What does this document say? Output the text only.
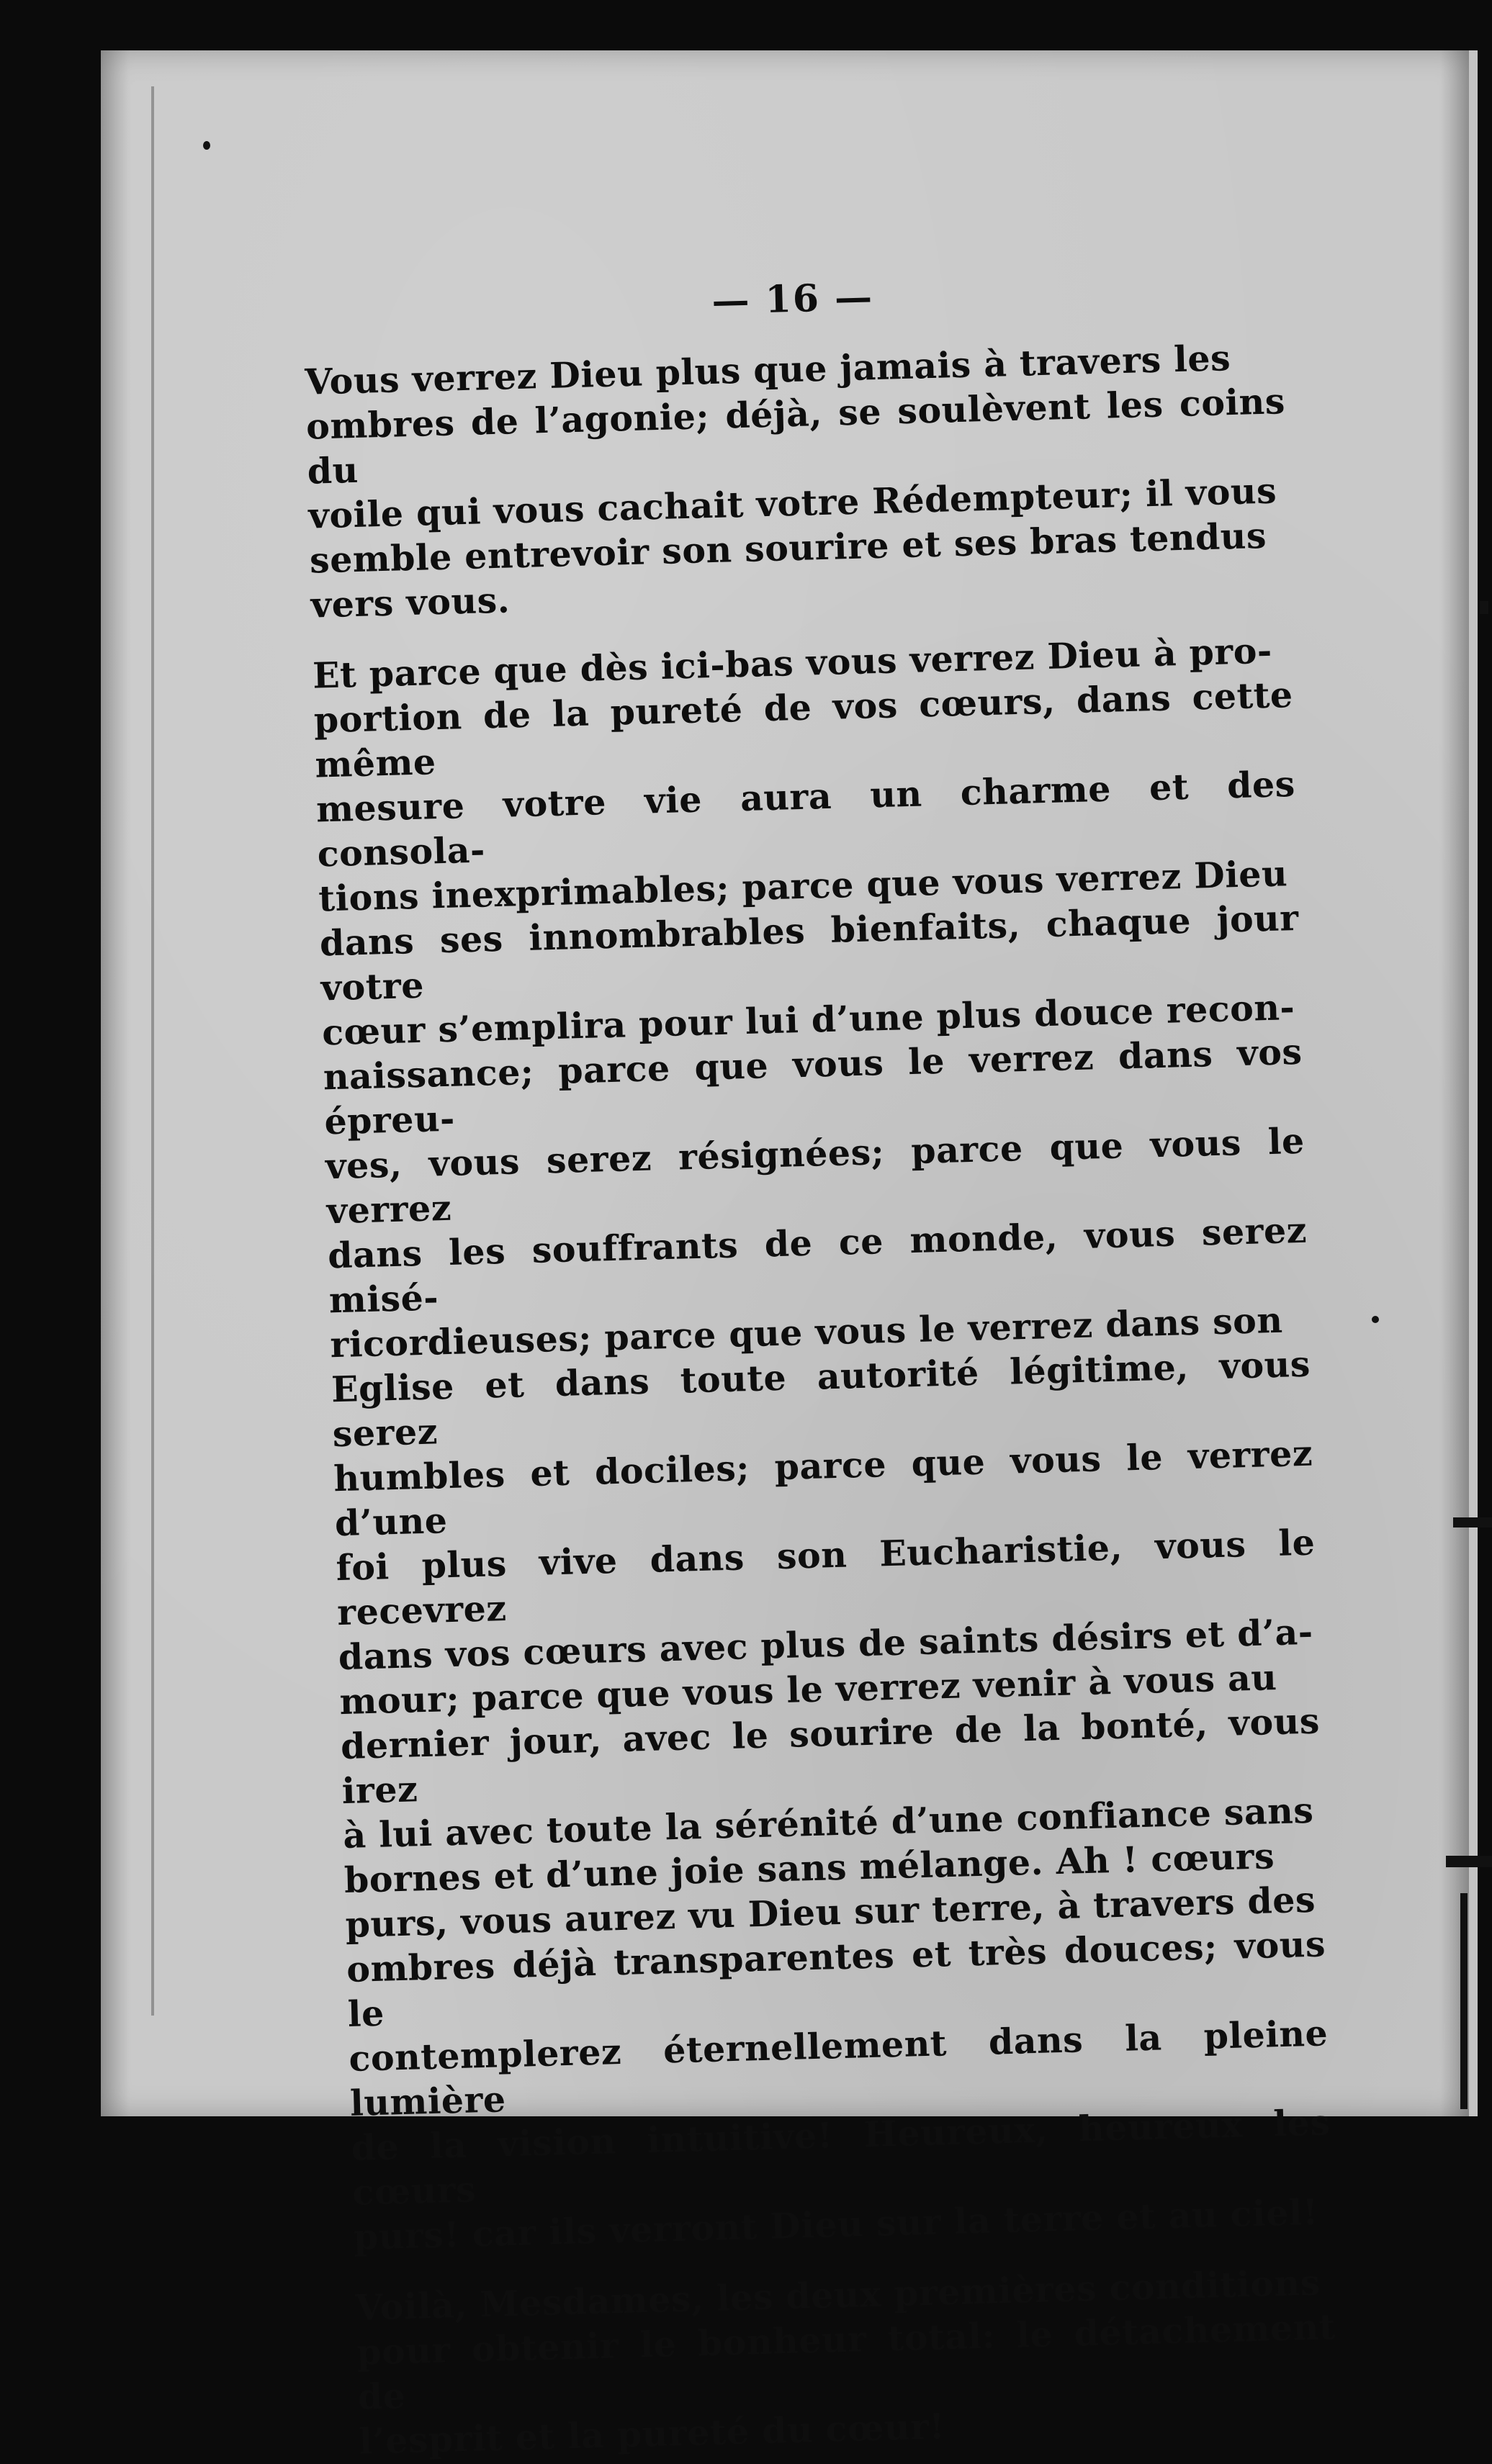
— 16 —

Vous verrez Dieu plus que jamais à travers les
ombres de l’agonie; déjà, se soulèvent les coins du
voile qui vous cachait votre Rédempteur; il vous
semble entrevoir son sourire et ses bras tendus
vers vous.

Et parce que dès ici-bas vous verrez Dieu à pro-
portion de la pureté de vos cœurs, dans cette même
mesure votre vie aura un charme et des consola-
tions inexprimables; parce que vous verrez Dieu
dans ses innombrables bienfaits, chaque jour votre
cœur s’emplira pour lui d’une plus douce recon-
naissance; parce que vous le verrez dans vos épreu-
ves, vous serez résignées; parce que vous le verrez
dans les souffrants de ce monde, vous serez misé-
ricordieuses; parce que vous le verrez dans son
Eglise et dans toute autorité légitime, vous serez
humbles et dociles; parce que vous le verrez d’une
foi plus vive dans son Eucharistie, vous le recevrez
dans vos cœurs avec plus de saints désirs et d’a-
mour; parce que vous le verrez venir à vous au
dernier jour, avec le sourire de la bonté, vous irez
à lui avec toute la sérénité d’une confiance sans
bornes et d’une joie sans mélange. Ah ! cœurs
purs, vous aurez vu Dieu sur terre, à travers des
ombres déjà transparentes et très douces; vous le
contemplerez éternellement dans la pleine lumière
de la vision intuitive! Heureux, heureux les cœurs
purs! car ils verront Dieu sur la terre et au ciel!

Voilà, Mesdames, les deux premières conditions
pour obtenir le bonheur total: le détachement de
l’esprit et la pureté du cœur!
